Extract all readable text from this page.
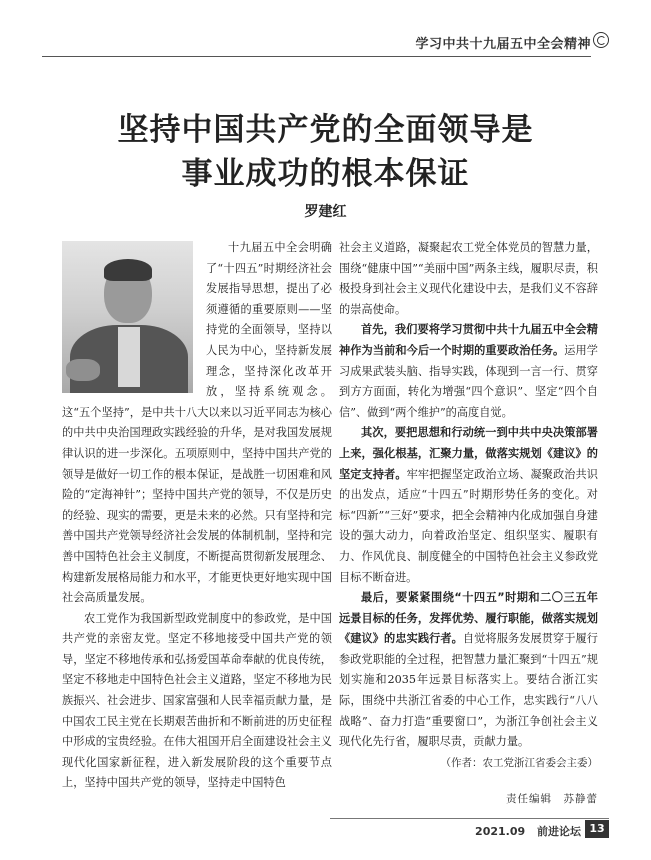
学习中共十九届五中全会精神
坚持中国共产党的全面领导是
事业成功的根本保证
罗建红

十九届五中全会明确了“十四五”时期经济社会发展指导思想，提出了必须遵循的重要原则——坚持党的全面领导，坚持以人民为中心，坚持新发展理念，坚持深化改革开放，坚持系统观念。这“五个坚持”，是中共十八大以来以习近平同志为核心的中共中央治国理政实践经验的升华，是对我国发展规律认识的进一步深化。五项原则中，坚持中国共产党的领导是做好一切工作的根本保证，是战胜一切困难和风险的“定海神针”；坚持中国共产党的领导，不仅是历史的经验、现实的需要，更是未来的必然。只有坚持和完善中国共产党领导经济社会发展的体制机制，坚持和完善中国特色社会主义制度，不断提高贯彻新发展理念、构建新发展格局能力和水平，才能更快更好地实现中国社会高质量发展。

农工党作为我国新型政党制度中的参政党，是中国共产党的亲密友党。坚定不移地接受中国共产党的领导，坚定不移地传承和弘扬爱国革命奉献的优良传统，坚定不移地走中国特色社会主义道路，坚定不移地为民族振兴、社会进步、国家富强和人民幸福贡献力量，是中国农工民主党在长期艰苦曲折和不断前进的历史征程中形成的宝贵经验。在伟大祖国开启全面建设社会主义现代化国家新征程，进入新发展阶段的这个重要节点上，坚持中国共产党的领导，坚持走中国特色

社会主义道路，凝聚起农工党全体党员的智慧力量，围绕“健康中国”“美丽中国”两条主线，履职尽责，积极投身到社会主义现代化建设中去，是我们义不容辞的崇高使命。

首先，我们要将学习贯彻中共十九届五中全会精神作为当前和今后一个时期的重要政治任务。运用学习成果武装头脑、指导实践，体现到一言一行、贯穿到方方面面，转化为增强“四个意识”、坚定“四个自信”、做到“两个维护”的高度自觉。

其次，要把思想和行动统一到中共中央决策部署上来，强化根基，汇聚力量，做落实规划《建议》的坚定支持者。牢牢把握坚定政治立场、凝聚政治共识的出发点，适应“十四五”时期形势任务的变化。对标“四新”“三好”要求，把全会精神内化成加强自身建设的强大动力，向着政治坚定、组织坚实、履职有力、作风优良、制度健全的中国特色社会主义参政党目标不断奋进。

最后，要紧紧围绕“十四五”时期和二〇三五年远景目标的任务，发挥优势、履行职能，做落实规划《建议》的忠实践行者。自觉将服务发展贯穿于履行参政党职能的全过程，把智慧力量汇聚到“十四五”规划实施和2035年远景目标落实上。要结合浙江实际，围绕中共浙江省委的中心工作，忠实践行“八八战略”、奋力打造“重要窗口”，为浙江争创社会主义现代化先行省，履职尽责，贡献力量。

（作者：农工党浙江省委会主委）

责任编辑　苏静蕾

2021.09 前进论坛 13
